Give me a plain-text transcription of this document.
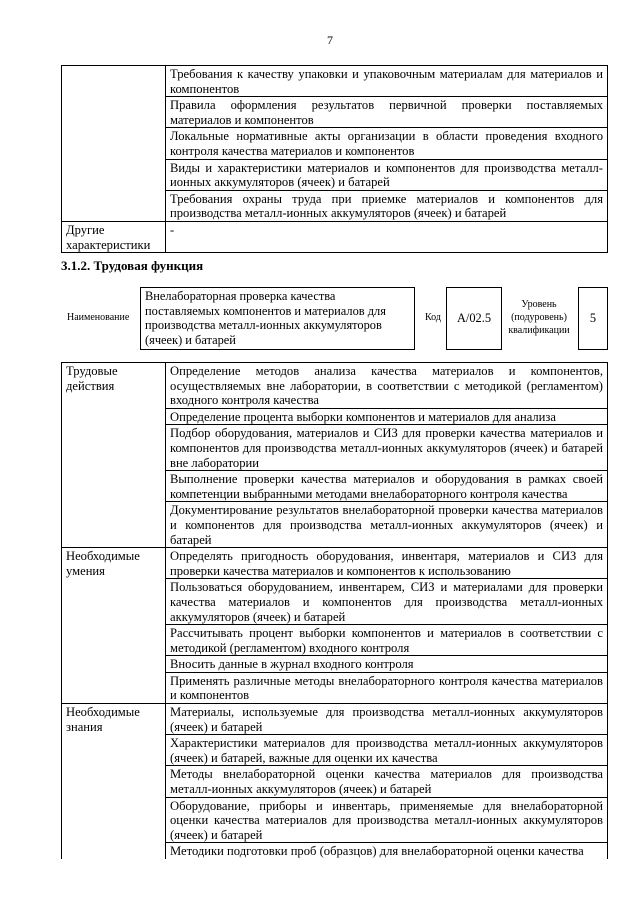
7
	Требования к качеству упаковки и упаковочным материалам для материалов и компонентов
	Правила оформления результатов первичной проверки поставляемых материалов и компонентов
	Локальные нормативные акты организации в области проведения входного контроля качества материалов и компонентов
	Виды и характеристики материалов и компонентов для производства металл-ионных аккумуляторов (ячеек) и батарей
	Требования охраны труда при приемке материалов и компонентов для производства металл-ионных аккумуляторов (ячеек) и батарей
Другие характеристики	-
3.1.2. Трудовая функция
Наименование
Внелабораторная проверка качества поставляемых компонентов и материалов для производства металл-ионных аккумуляторов (ячеек) и батарей
Код	A/02.5
Уровень (подуровень) квалификации
5
Трудовые действия	Определение методов анализа качества материалов и компонентов, осуществляемых вне лаборатории, в соответствии с методикой (регламентом) входного контроля качества
	Определение процента выборки компонентов и материалов для анализа
	Подбор оборудования, материалов и СИЗ для проверки качества материалов и компонентов для производства металл-ионных аккумуляторов (ячеек) и батарей вне лаборатории
	Выполнение проверки качества материалов и оборудования в рамках своей компетенции выбранными методами внелабораторного контроля качества
	Документирование результатов внелабораторной проверки качества материалов и компонентов для производства металл-ионных аккумуляторов (ячеек) и батарей
Необходимые умения	Определять пригодность оборудования, инвентаря, материалов и СИЗ для проверки качества материалов и компонентов к использованию
	Пользоваться оборудованием, инвентарем, СИЗ и материалами для проверки качества материалов и компонентов для производства металл-ионных аккумуляторов (ячеек) и батарей
	Рассчитывать процент выборки компонентов и материалов в соответствии с методикой (регламентом) входного контроля
	Вносить данные в журнал входного контроля
	Применять различные методы внелабораторного контроля качества материалов и компонентов
Необходимые знания	Материалы, используемые для производства металл-ионных аккумуляторов (ячеек) и батарей
	Характеристики материалов для производства металл-ионных аккумуляторов (ячеек) и батарей, важные для оценки их качества
	Методы внелабораторной оценки качества материалов для производства металл-ионных аккумуляторов (ячеек) и батарей
	Оборудование, приборы и инвентарь, применяемые для внелабораторной оценки качества материалов для производства металл-ионных аккумуляторов (ячеек) и батарей
	Методики подготовки проб (образцов) для внелабораторной оценки качества
